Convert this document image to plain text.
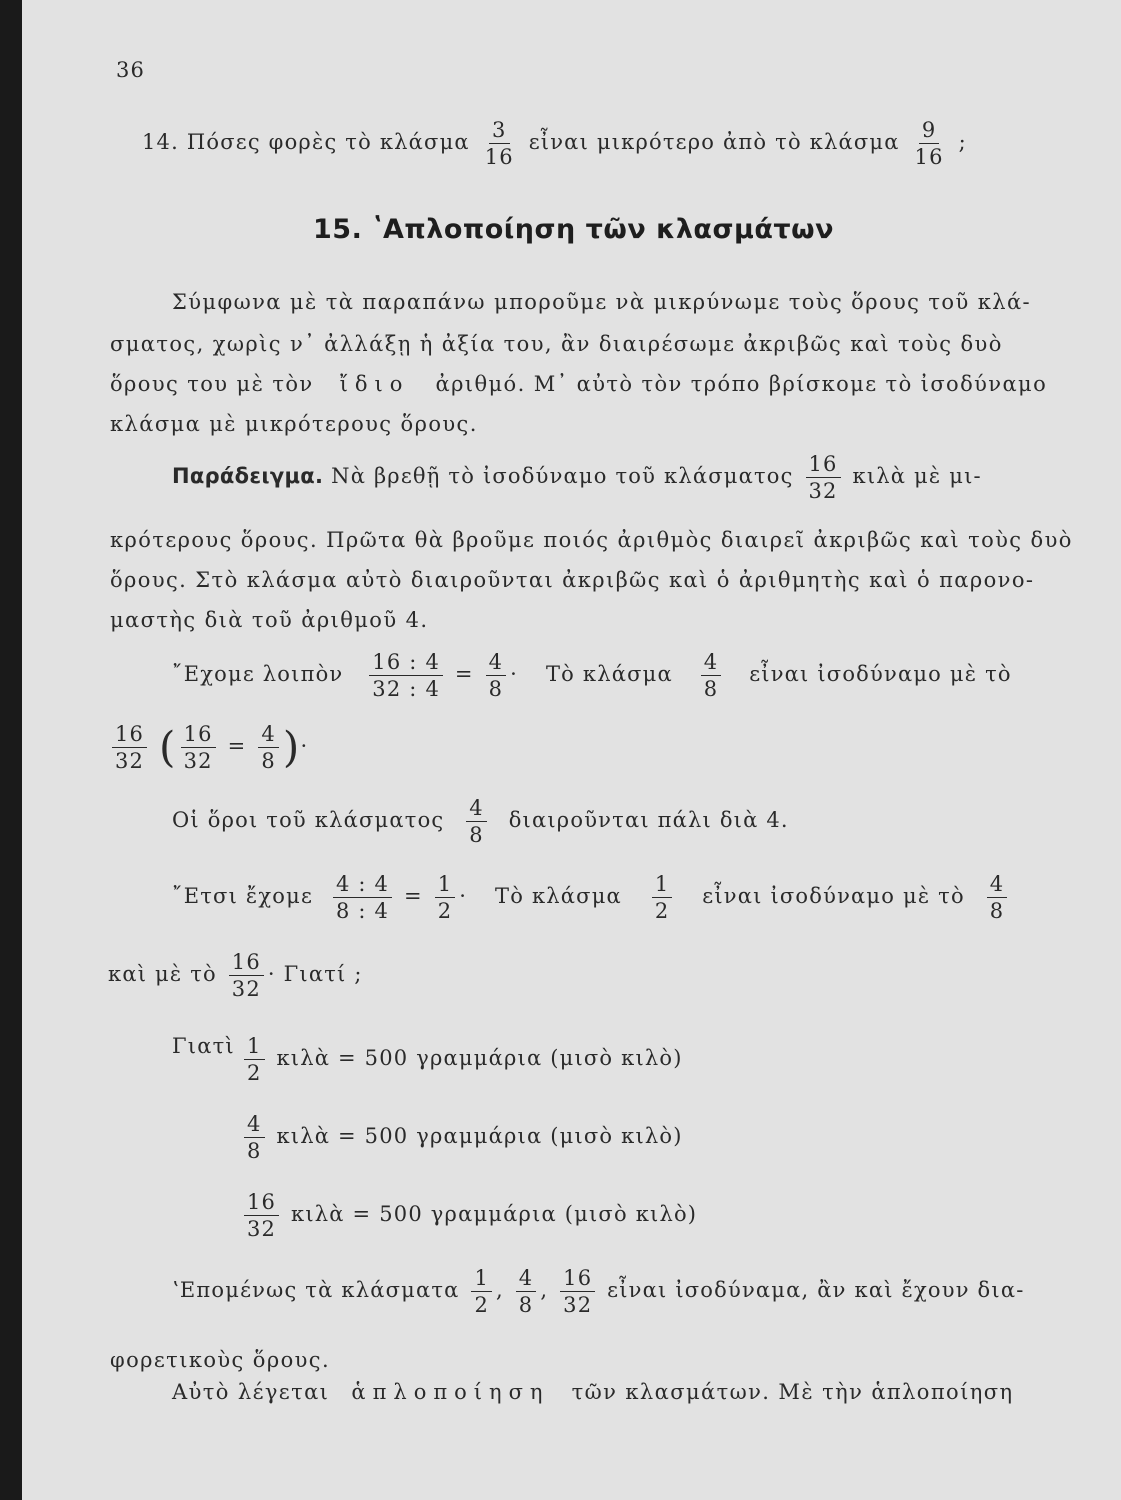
36
14. Πόσες φορὲς τὸ κλάσμα $\frac{3}{16}$ εἶναι μικρότερο ἀπὸ τὸ κλάσμα $\frac{9}{16}$ ;
15. ʽΑπλοποίηση τῶν κλασμάτων
Σύμφωνα μὲ τὰ παραπάνω μποροῦμε νὰ μικρύνωμε τοὺς ὅρους τοῦ κλά-
σματος, χωρὶς ν᾽ ἀλλάξῃ ἡ ἀξία του, ἂν διαιρέσωμε ἀκριβῶς καὶ τοὺς δυὸ
ὅρους του μὲ τὸν ἴδιο ἀριθμό. Μ᾽ αὐτὸ τὸν τρόπο βρίσκομε τὸ ἰσοδύναμο
κλάσμα μὲ μικρότερους ὅρους.
Παράδειγμα. Νὰ βρεθῇ τὸ ἰσοδύναμο τοῦ κλάσματος $\frac{16}{32}$ κιλὰ μὲ μι-
κρότερους ὅρους. Πρῶτα θὰ βροῦμε ποιός ἀριθμὸς διαιρεῖ ἀκριβῶς καὶ τοὺς δυὸ
ὅρους. Στὸ κλάσμα αὐτὸ διαιροῦνται ἀκριβῶς καὶ ὁ ἀριθμητὴς καὶ ὁ παρονο-
μαστὴς διὰ τοῦ ἀριθμοῦ 4.
῎Εχομε λοιπὸν $\frac{16 : 4}{32 : 4} = \frac{4}{8}$ · Τὸ κλάσμα $\frac{4}{8}$ εἶναι ἰσοδύναμο μὲ τὸ
$\frac{16}{32}$ ( $\frac{16}{32} = \frac{4}{8}$ )·
Οἱ ὅροι τοῦ κλάσματος $\frac{4}{8}$ διαιροῦνται πάλι διὰ 4.
῎Ετσι ἔχομε $\frac{4 : 4}{8 : 4} = \frac{1}{2}$ · Τὸ κλάσμα $\frac{1}{2}$ εἶναι ἰσοδύναμο μὲ τὸ $\frac{4}{8}$
καὶ μὲ τὸ $\frac{16}{32} \cdot \Gamma\iota\alpha\tau ί$ ;
Γιατὶ $\frac{1}{2}$ κιλὰ = 500 γραμμάρια (μισὸ κιλὸ)
$\frac{4}{8}$ κιλὰ = 500 γραμμάρια (μισὸ κιλὸ)
$\frac{16}{32}$ κιλὰ = 500 γραμμάρια (μισὸ κιλὸ)
ʽΕπομένως τὰ κλάσματα $\frac{1}{2}$ , $\frac{4}{8}$ , $\frac{16}{32}$ εἶναι ἰσοδύναμα, ἂν καὶ ἔχουν δια-
φορετικοὺς ὅρους.
Αὐτὸ λέγεται ἁπλοποίηση τῶν κλασμάτων. Μὲ τὴν ἁπλοποίηση
